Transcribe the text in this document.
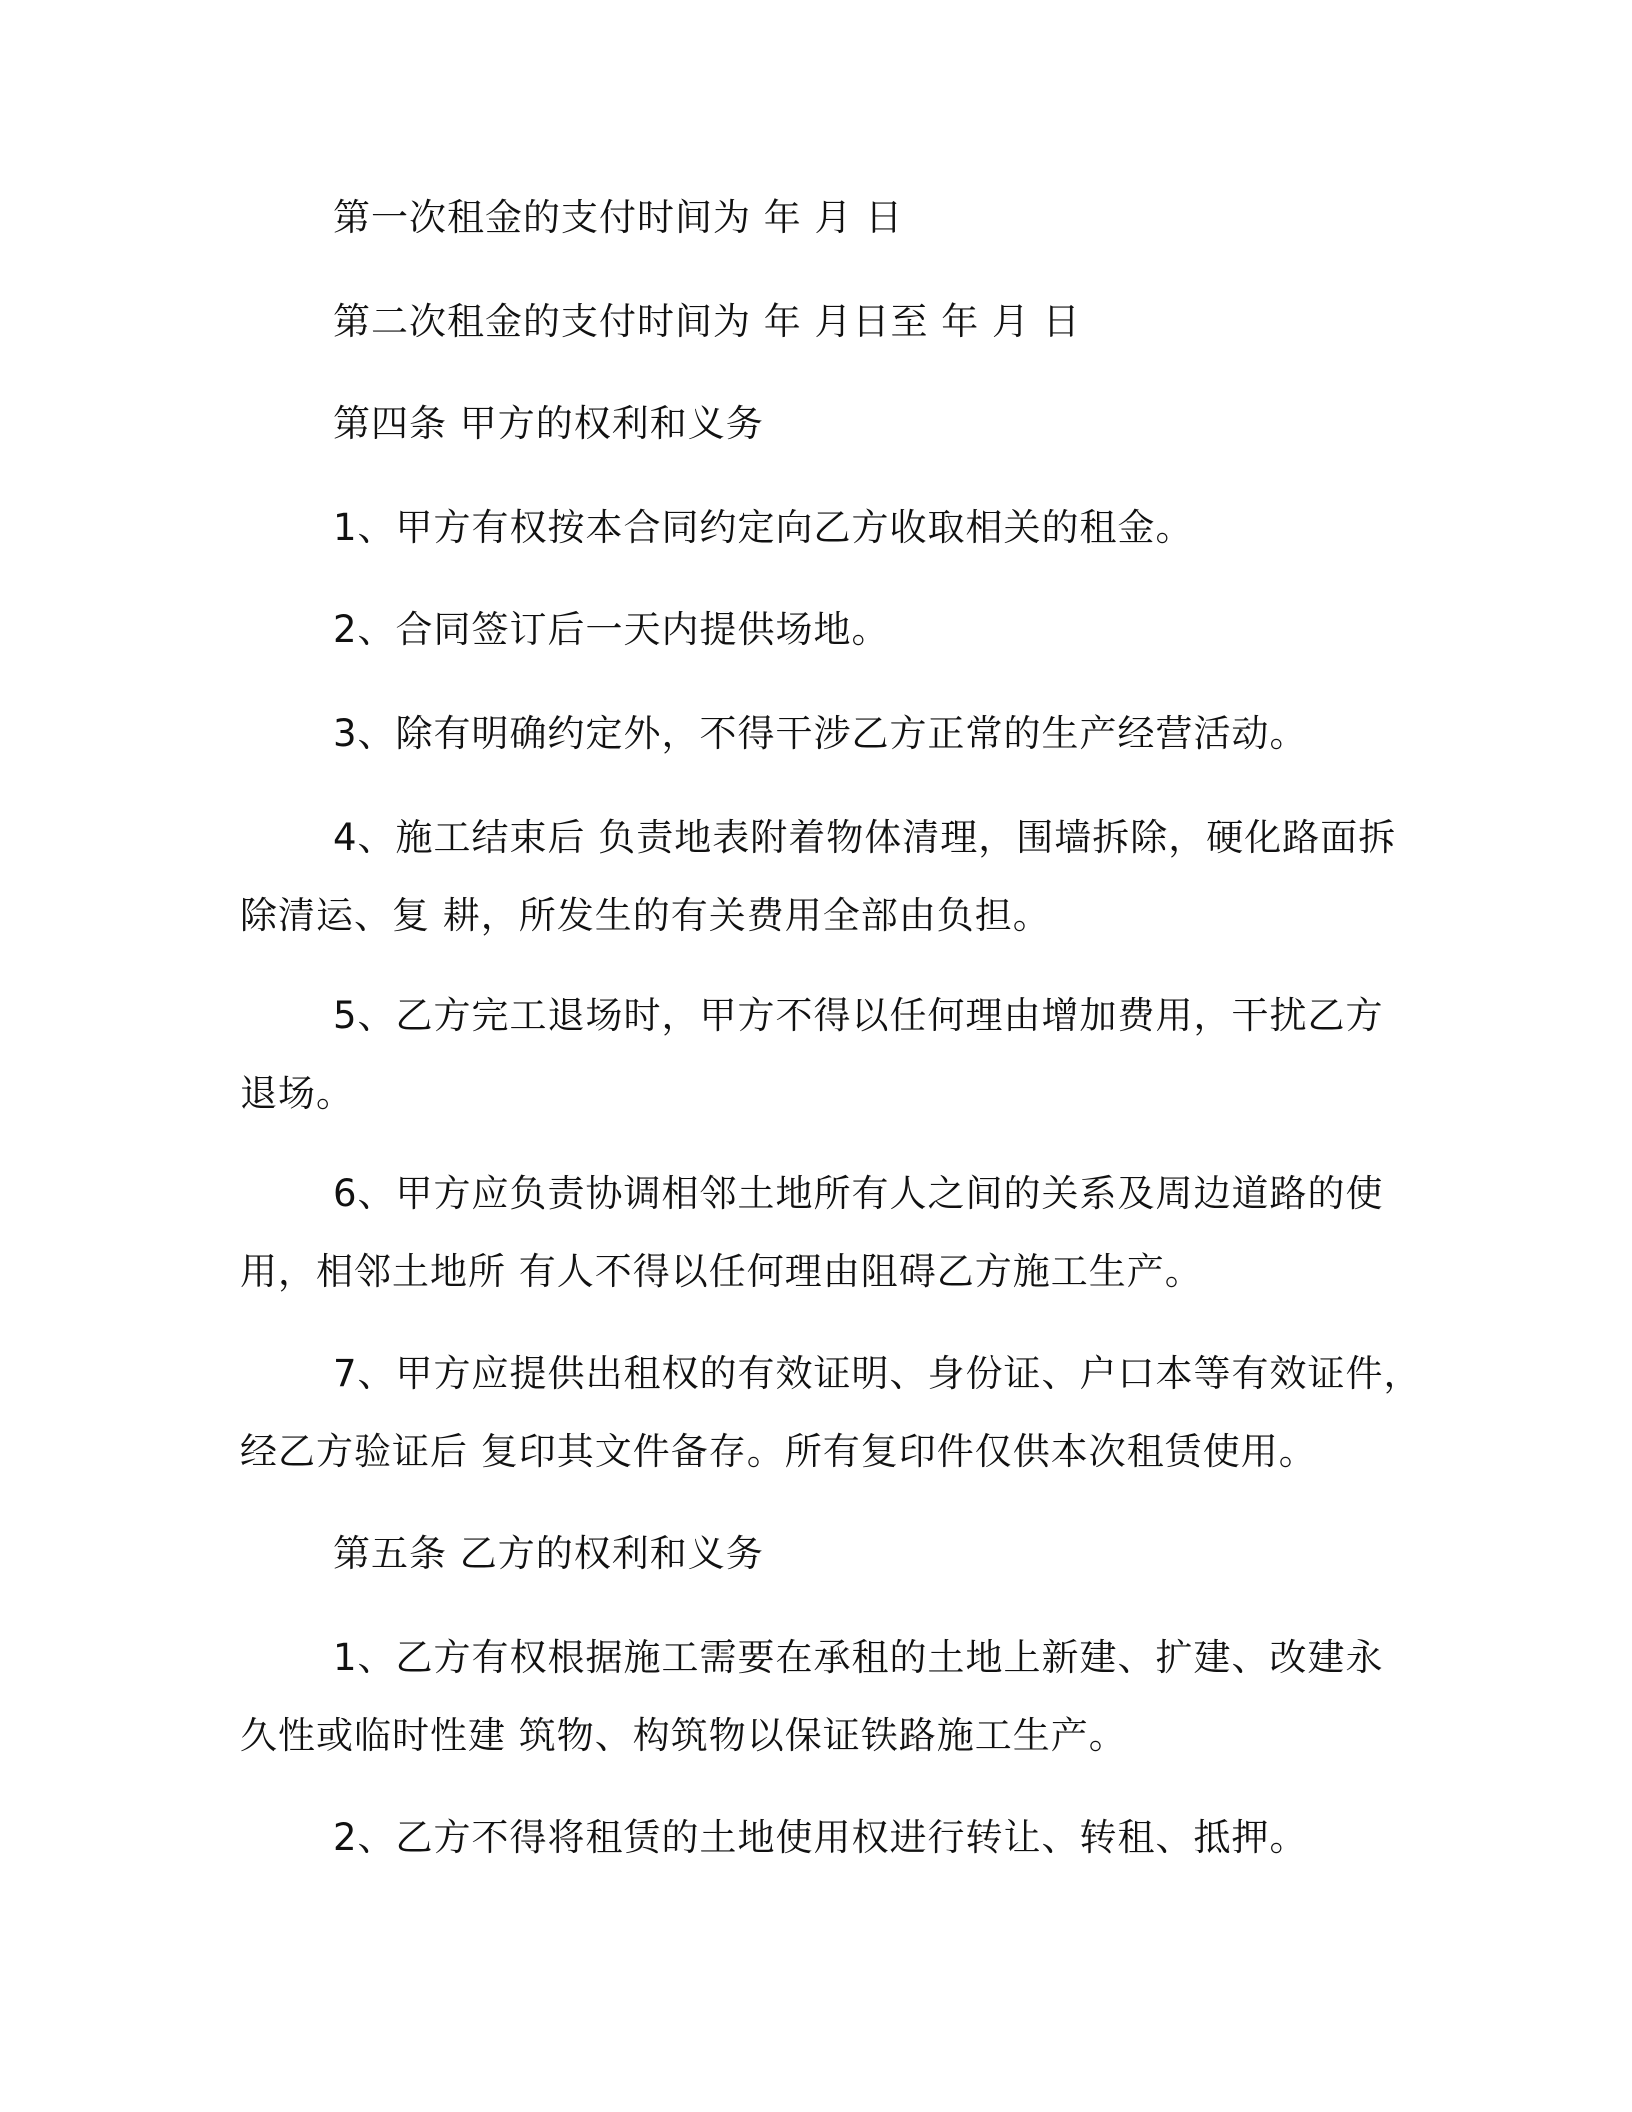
第一次租金的支付时间为 年 月 日
第二次租金的支付时间为 年 月日至 年 月 日
第四条 甲方的权利和义务
1、甲方有权按本合同约定向乙方收取相关的租金。
2、合同签订后一天内提供场地。
3、除有明确约定外，不得干涉乙方正常的生产经营活动。
4、施工结束后 负责地表附着物体清理，围墙拆除，硬化路面拆
除清运、复 耕，所发生的有关费用全部由负担。
5、乙方完工退场时，甲方不得以任何理由增加费用，干扰乙方
退场。
6、甲方应负责协调相邻土地所有人之间的关系及周边道路的使
用，相邻土地所 有人不得以任何理由阻碍乙方施工生产。
7、甲方应提供出租权的有效证明、身份证、户口本等有效证件，
经乙方验证后 复印其文件备存。所有复印件仅供本次租赁使用。
第五条 乙方的权利和义务
1、乙方有权根据施工需要在承租的土地上新建、扩建、改建永
久性或临时性建 筑物、构筑物以保证铁路施工生产。
2、乙方不得将租赁的土地使用权进行转让、转租、抵押。
